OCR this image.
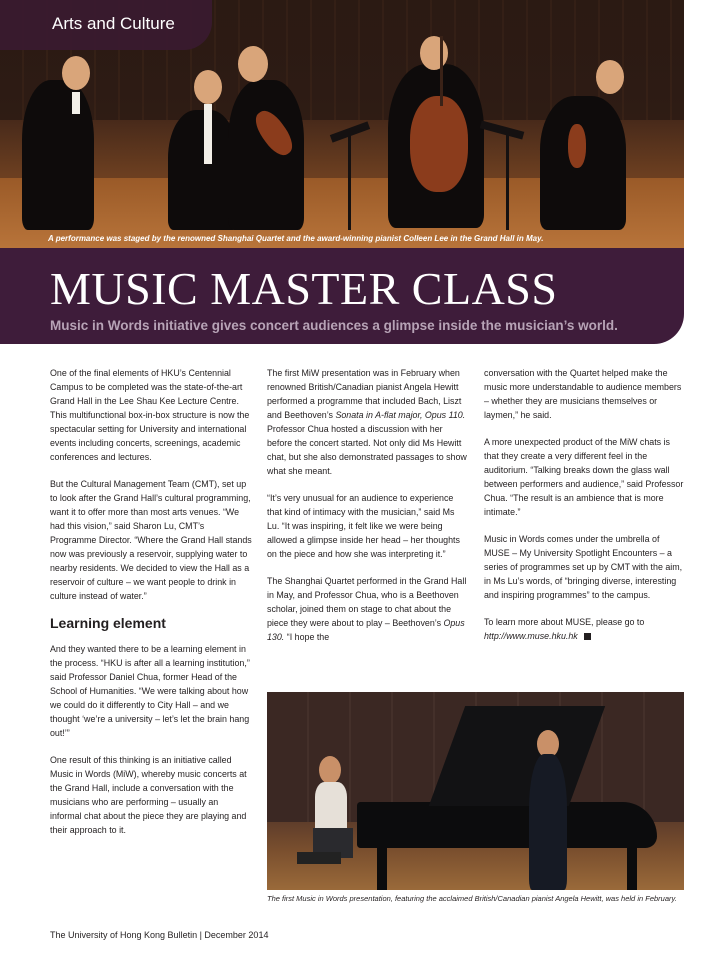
Arts and Culture
A performance was staged by the renowned Shanghai Quartet and the award-winning pianist Colleen Lee in the Grand Hall in May.
MUSIC MASTER CLASS
Music in Words initiative gives concert audiences a glimpse inside the musician’s world.

One of the final elements of HKU’s Centennial Campus to be completed was the state-of-the-art Grand Hall in the Lee Shau Kee Lecture Centre. This multifunctional box-in-box structure is now the spectacular setting for University and international events including concerts, screenings, academic conferences and lectures.

But the Cultural Management Team (CMT), set up to look after the Grand Hall’s cultural programming, want it to offer more than most arts venues. “We had this vision,” said Sharon Lu, CMT’s Programme Director. “Where the Grand Hall stands now was previously a reservoir, supplying water to nearby residents. We decided to view the Hall as a reservoir of culture – we want people to drink in culture instead of water.”

Learning element

And they wanted there to be a learning element in the process. “HKU is after all a learning institution,” said Professor Daniel Chua, former Head of the School of Humanities. “We were talking about how we could do it differently to City Hall – and we thought ‘we’re a university – let’s let the brain hang out!’”

One result of this thinking is an initiative called Music in Words (MiW), whereby music concerts at the Grand Hall, include a conversation with the musicians who are performing – usually an informal chat about the piece they are playing and their approach to it.

The first MiW presentation was in February when renowned British/Canadian pianist Angela Hewitt performed a programme that included Bach, Liszt and Beethoven’s Sonata in A-flat major, Opus 110. Professor Chua hosted a discussion with her before the concert started. Not only did Ms Hewitt chat, but she also demonstrated passages to show what she meant.

“It’s very unusual for an audience to experience that kind of intimacy with the musician,” said Ms Lu. “It was inspiring, it felt like we were being allowed a glimpse inside her head – her thoughts on the piece and how she was interpreting it.”

The Shanghai Quartet performed in the Grand Hall in May, and Professor Chua, who is a Beethoven scholar, joined them on stage to chat about the piece they were about to play – Beethoven’s Opus 130. “I hope the

conversation with the Quartet helped make the music more understandable to audience members – whether they are musicians themselves or laymen,” he said.

A more unexpected product of the MiW chats is that they create a very different feel in the auditorium. “Talking breaks down the glass wall between performers and audience,” said Professor Chua. “The result is an ambience that is more intimate.”

Music in Words comes under the umbrella of MUSE – My University Spotlight Encounters – a series of programmes set up by CMT with the aim, in Ms Lu’s words, of “bringing diverse, interesting and inspiring programmes” to the campus.

To learn more about MUSE, please go to
http://www.muse.hku.hk

The first Music in Words presentation, featuring the acclaimed British/Canadian pianist Angela Hewitt, was held in February.
The University of Hong Kong Bulletin | December 2014
